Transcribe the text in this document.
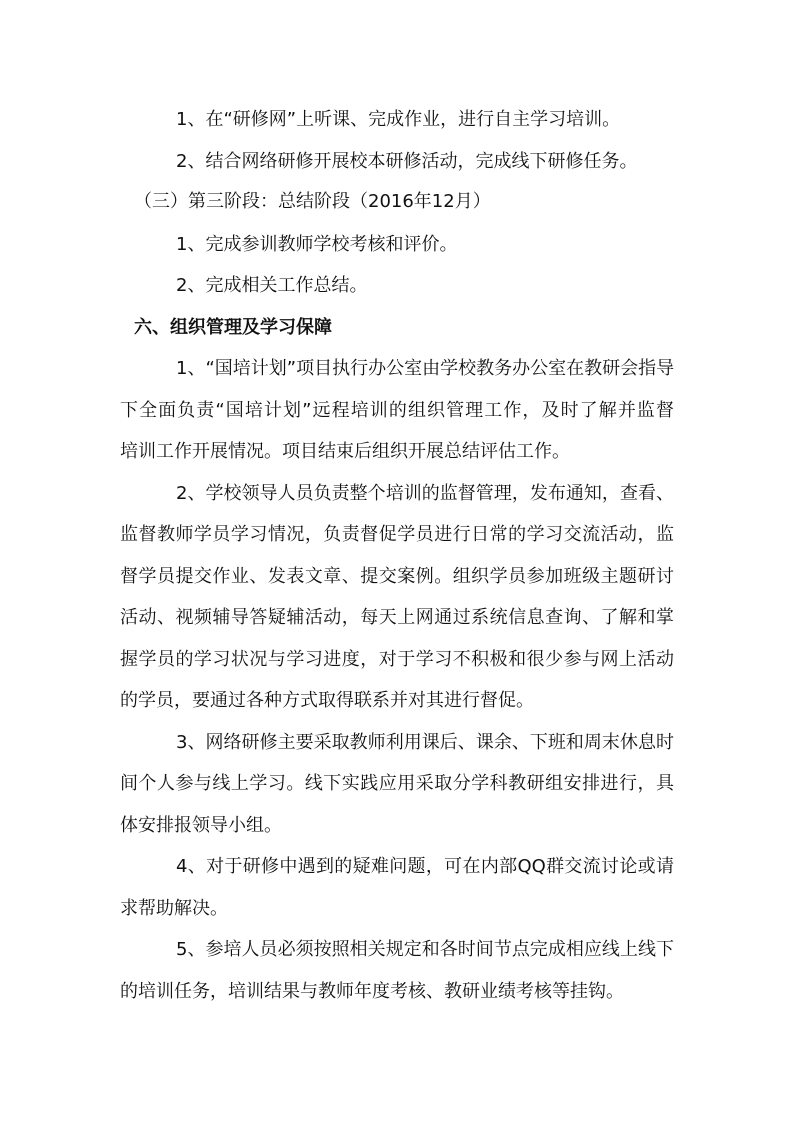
1、在“研修网”上听课、完成作业，进行自主学习培训。
2、结合网络研修开展校本研修活动，完成线下研修任务。
（三）第三阶段：总结阶段（2016年12月）
1、完成参训教师学校考核和评价。
2、完成相关工作总结。
六、组织管理及学习保障
1、“国培计划”项目执行办公室由学校教务办公室在教研会指导
下全面负责“国培计划”远程培训的组织管理工作，及时了解并监督
培训工作开展情况。项目结束后组织开展总结评估工作。
2、学校领导人员负责整个培训的监督管理，发布通知，查看、
监督教师学员学习情况，负责督促学员进行日常的学习交流活动，监
督学员提交作业、发表文章、提交案例。组织学员参加班级主题研讨
活动、视频辅导答疑辅活动，每天上网通过系统信息查询、了解和掌
握学员的学习状况与学习进度，对于学习不积极和很少参与网上活动
的学员，要通过各种方式取得联系并对其进行督促。
3、网络研修主要采取教师利用课后、课余、下班和周末休息时
间个人参与线上学习。线下实践应用采取分学科教研组安排进行，具
体安排报领导小组。
4、对于研修中遇到的疑难问题，可在内部QQ群交流讨论或请
求帮助解决。
5、参培人员必须按照相关规定和各时间节点完成相应线上线下
的培训任务，培训结果与教师年度考核、教研业绩考核等挂钩。
